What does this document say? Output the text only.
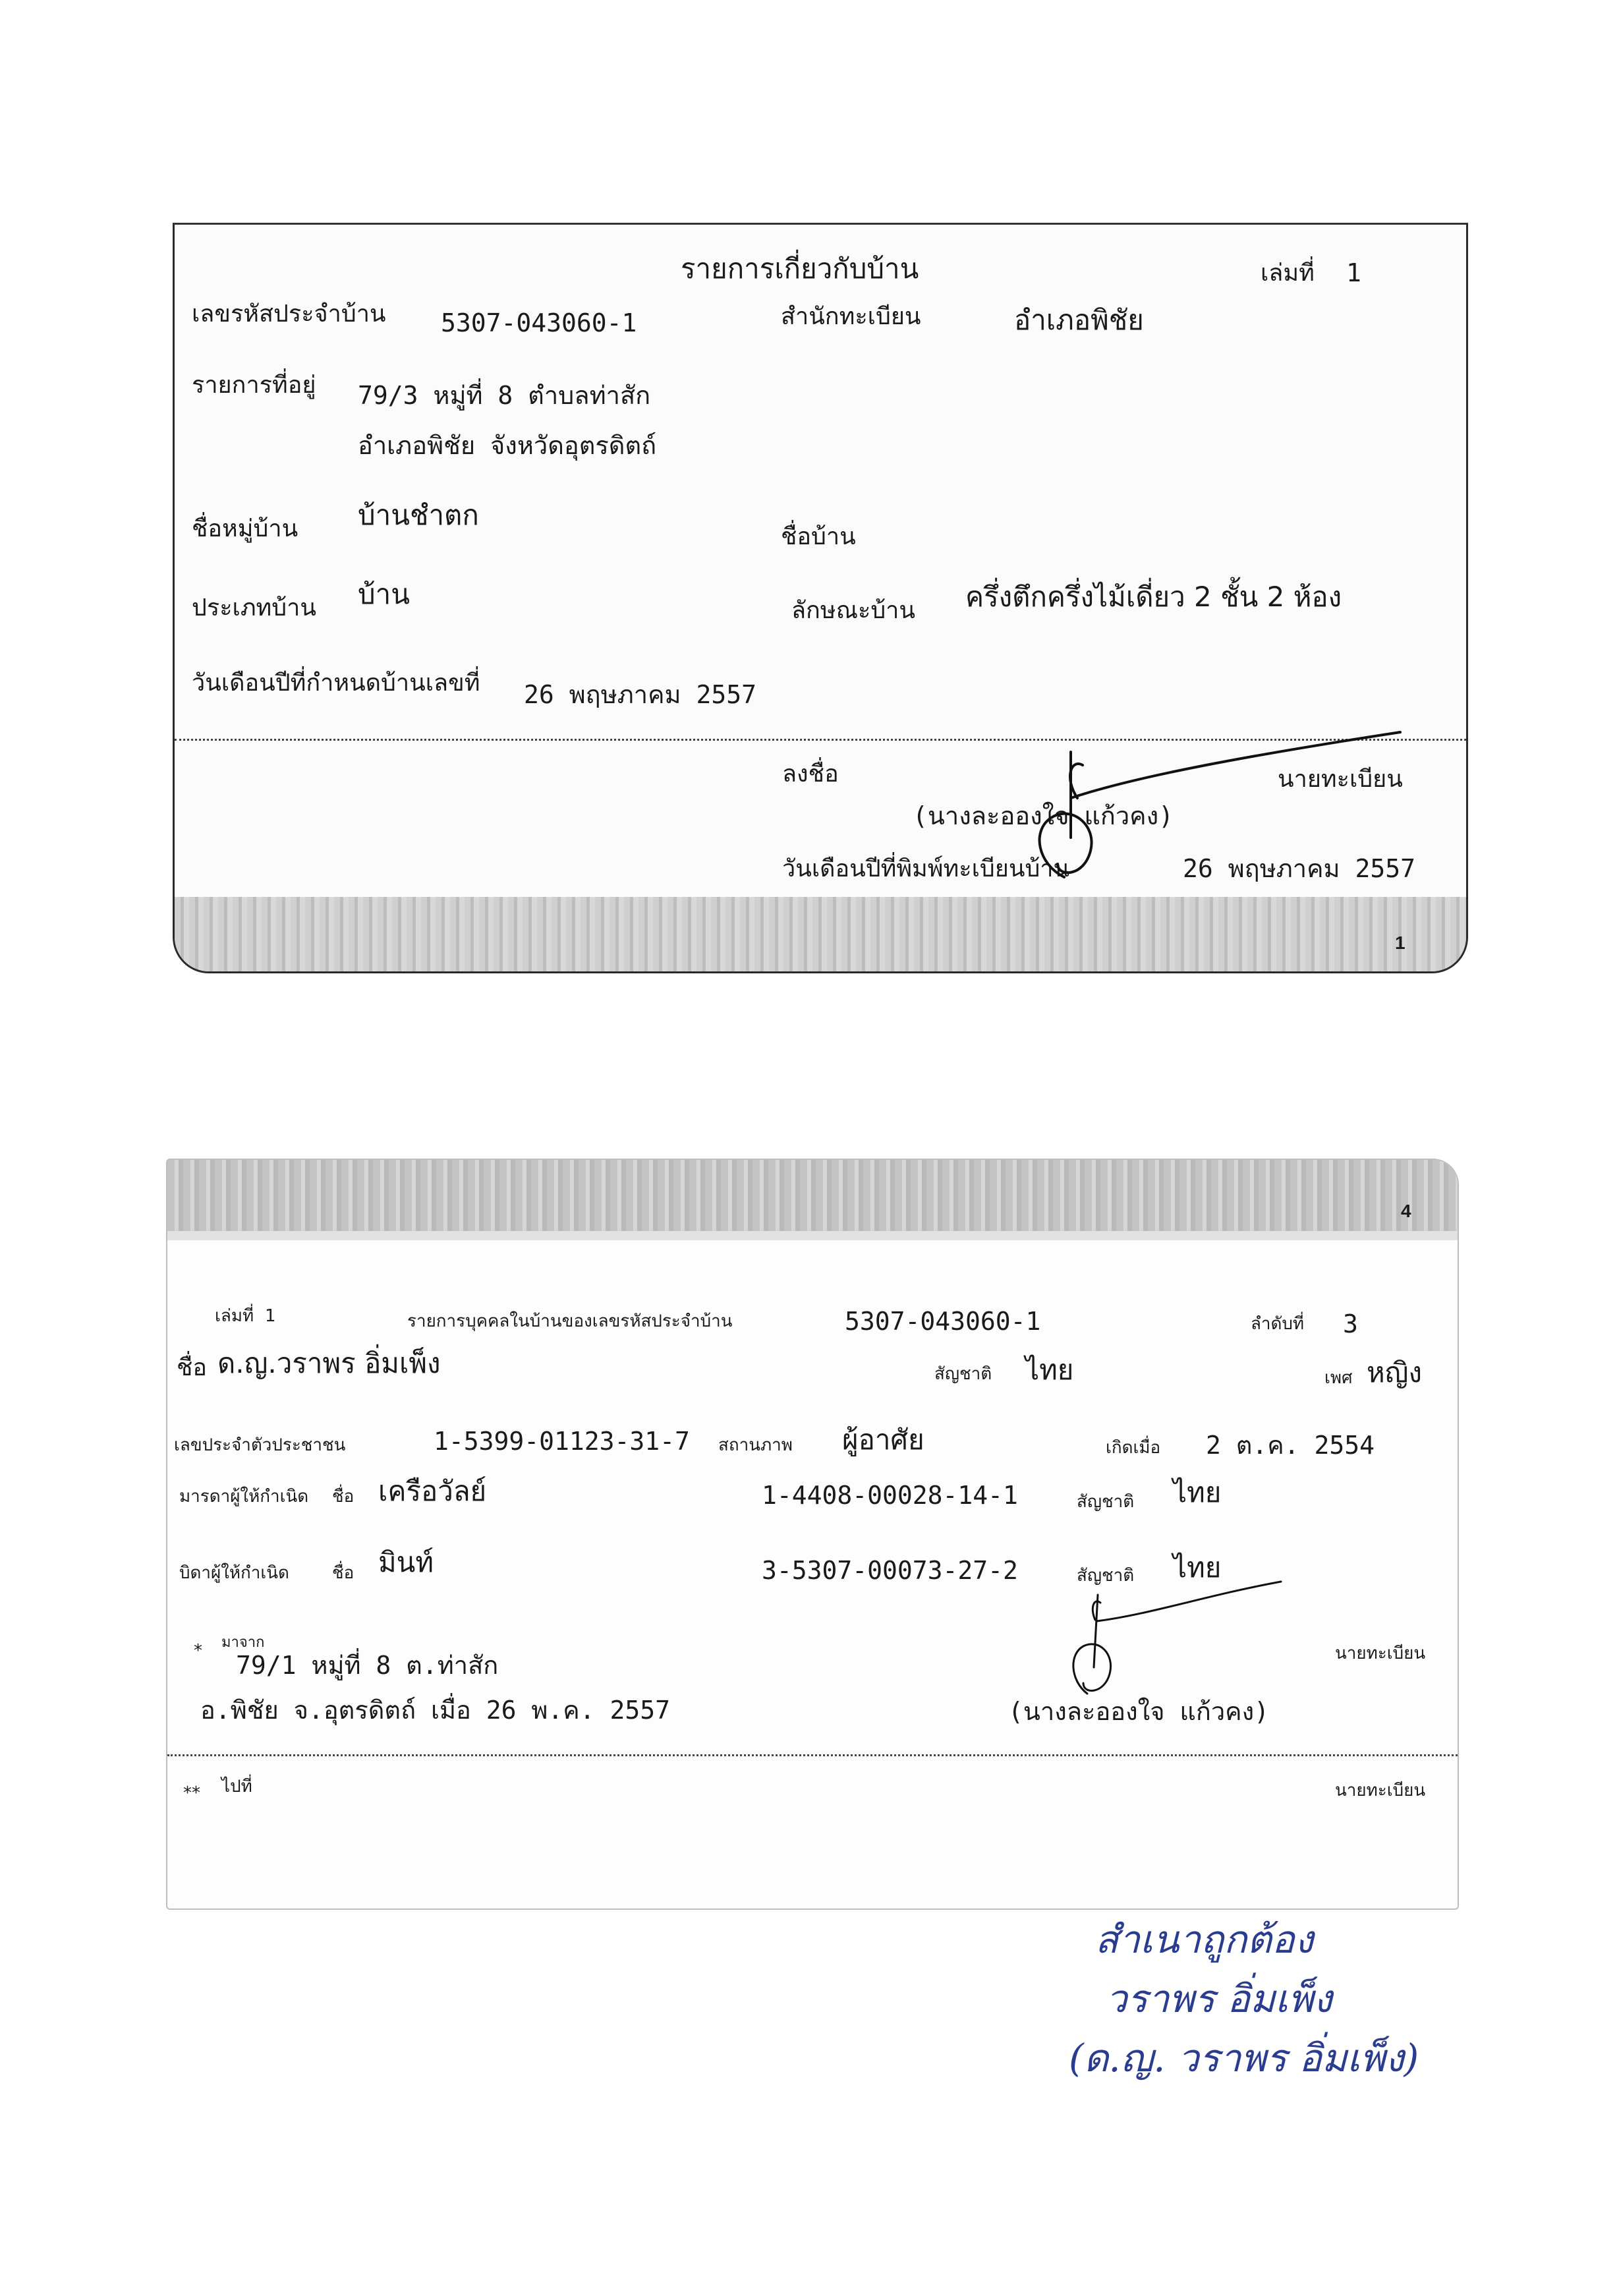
รายการเกี่ยวกับบ้าน	เล่มที่ 1
เลขรหัสประจำบ้าน 5307-043060-1	สำนักทะเบียน	อำเภอพิชัย
รายการที่อยู่ 79/3 หมู่ที่ 8 ตำบลท่าสัก
อำเภอพิชัย จังหวัดอุตรดิตถ์
ชื่อหมู่บ้าน บ้านชำตก
ชื่อบ้าน
ประเภทบ้าน บ้าน
ลักษณะบ้าน ครึ่งตึกครึ่งไม้เดี่ยว 2 ชั้น 2 ห้อง
วันเดือนปีที่กำหนดบ้านเลขที่ 26 พฤษภาคม 2557
ลงชื่อ	นายทะเบียน
(นางละอองใจ แก้วคง)
วันเดือนปีที่พิมพ์ทะเบียนบ้าน	26 พฤษภาคม 2557
1
4
เล่มที่ 1	รายการบุคคลในบ้านของเลขรหัสประจำบ้าน	5307-043060-1	ลำดับที่ 3
ชื่อ ด.ญ.วราพร อิ่มเพ็ง	สัญชาติ ไทย	เพศ หญิง
เลขประจำตัวประชาชน	1-5399-01123-31-7 สถานภาพ ผู้อาศัย	เกิดเมื่อ 2 ต.ค. 2554
มารดาผู้ให้กำเนิด ชื่อ เครือวัลย์	1-4408-00028-14-1	สัญชาติ ไทย
บิดาผู้ให้กำเนิด	ชื่อ มินท์	3-5307-00073-27-2	สัญชาติ ไทย
* มาจาก
79/1 หมู่ที่ 8 ต.ท่าสัก
อ.พิชัย จ.อุตรดิตถ์ เมื่อ 26 พ.ค. 2557
นายทะเบียน
(นางละอองใจ แก้วคง)
** ไปที่	นายทะเบียน
สำเนาถูกต้อง
วราพร อิ่มเพ็ง
(ด.ญ. วราพร อิ่มเพ็ง)
